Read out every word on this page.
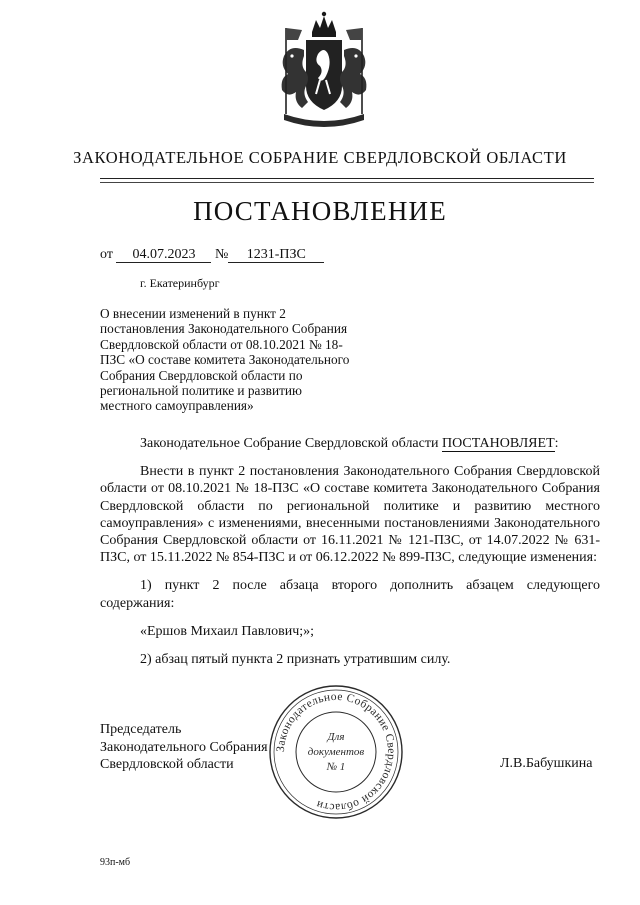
ЗАКОНОДАТЕЛЬНОЕ СОБРАНИЕ СВЕРДЛОВСКОЙ ОБЛАСТИ
ПОСТАНОВЛЕНИЕ
от 04.07.2023 № 1231-ПЗС
г. Екатеринбург
О внесении изменений в пункт 2 постановления Законодательного Собрания Свердловской области от 08.10.2021 № 18-ПЗС «О составе комитета Законодательного Собрания Свердловской области по региональной политике и развитию местного самоуправления»

Законодательное Собрание Свердловской области ПОСТАНОВЛЯЕТ:

Внести в пункт 2 постановления Законодательного Собрания Свердловской области от 08.10.2021 № 18-ПЗС «О составе комитета Законодательного Собрания Свердловской области по региональной политике и развитию местного самоуправления» с изменениями, внесенными постановлениями Законодательного Собрания Свердловской области от 16.11.2021 № 121-ПЗС, от 14.07.2022 № 631-ПЗС, от 15.11.2022 № 854-ПЗС и от 06.12.2022 № 899-ПЗС, следующие изменения:

1) пункт 2 после абзаца второго дополнить абзацем следующего содержания:

«Ершов Михаил Павлович;»;

2) абзац пятый пункта 2 признать утратившим силу.

Председатель
Законодательного Собрания
Свердловской области
Законодательное Собрание Свердловской области
Для
документов
№ 1	Л.В.Бабушкина
93п-мб
